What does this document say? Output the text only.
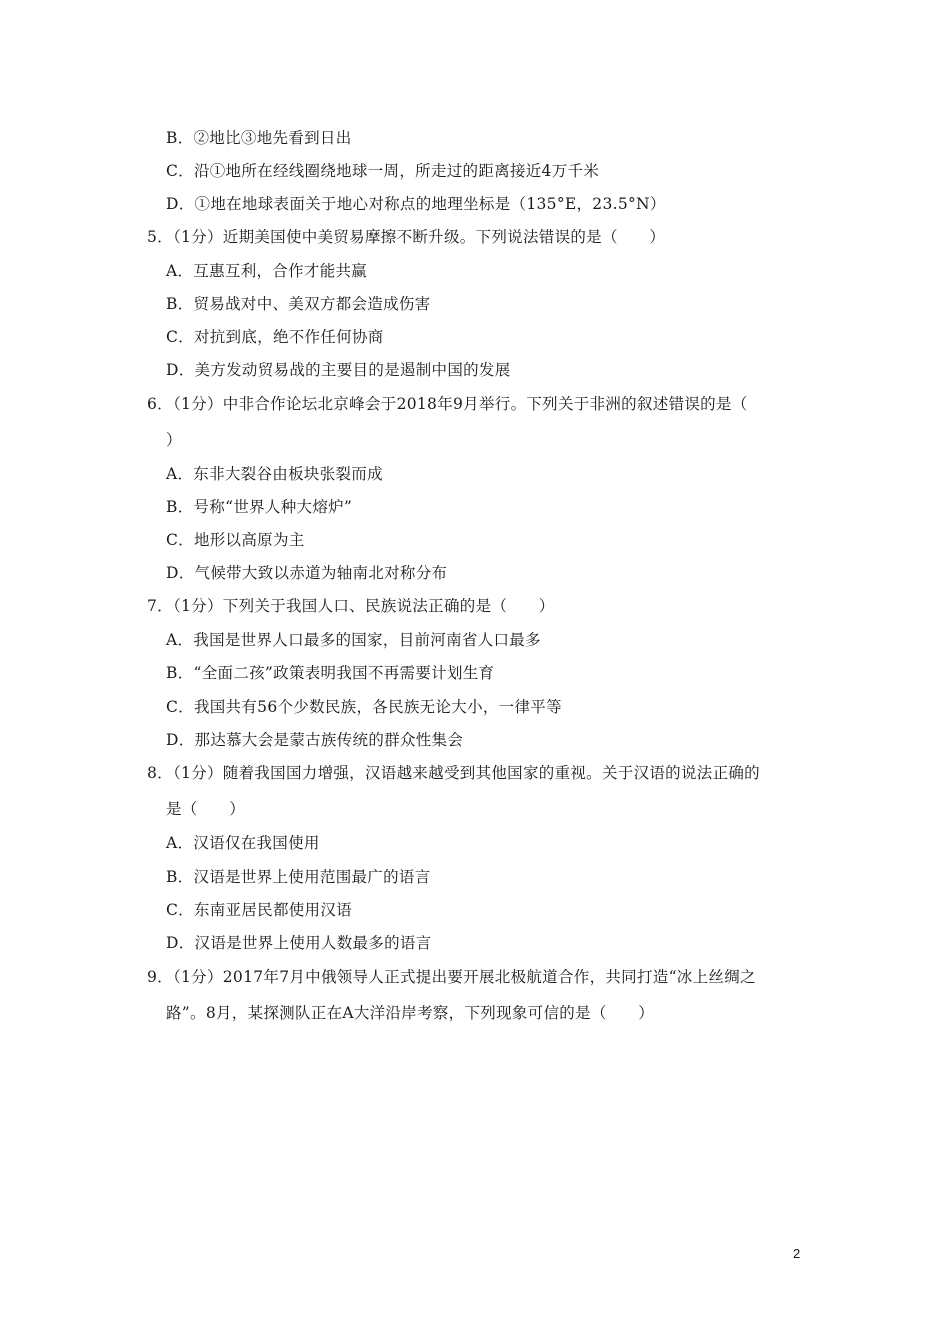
B．②地比③地先看到日出
C．沿①地所在经线圈绕地球一周，所走过的距离接近4万千米
D．①地在地球表面关于地心对称点的地理坐标是（135°E，23.5°N）
5．（1分）近期美国使中美贸易摩擦不断升级。下列说法错误的是（　　）
A．互惠互利，合作才能共赢
B．贸易战对中、美双方都会造成伤害
C．对抗到底，绝不作任何协商
D．美方发动贸易战的主要目的是遏制中国的发展
6．（1分）中非合作论坛北京峰会于2018年9月举行。下列关于非洲的叙述错误的是（
）
A．东非大裂谷由板块张裂而成
B．号称“世界人种大熔炉”
C．地形以高原为主
D．气候带大致以赤道为轴南北对称分布
7．（1分）下列关于我国人口、民族说法正确的是（　　）
A．我国是世界人口最多的国家，目前河南省人口最多
B．“全面二孩”政策表明我国不再需要计划生育
C．我国共有56个少数民族，各民族无论大小，一律平等
D．那达慕大会是蒙古族传统的群众性集会
8．（1分）随着我国国力增强，汉语越来越受到其他国家的重视。关于汉语的说法正确的
是（　　）
A．汉语仅在我国使用
B．汉语是世界上使用范围最广的语言
C．东南亚居民都使用汉语
D．汉语是世界上使用人数最多的语言
9．（1分）2017年7月中俄领导人正式提出要开展北极航道合作，共同打造“冰上丝绸之
路”。8月，某探测队正在A大洋沿岸考察，下列现象可信的是（　　）
2
